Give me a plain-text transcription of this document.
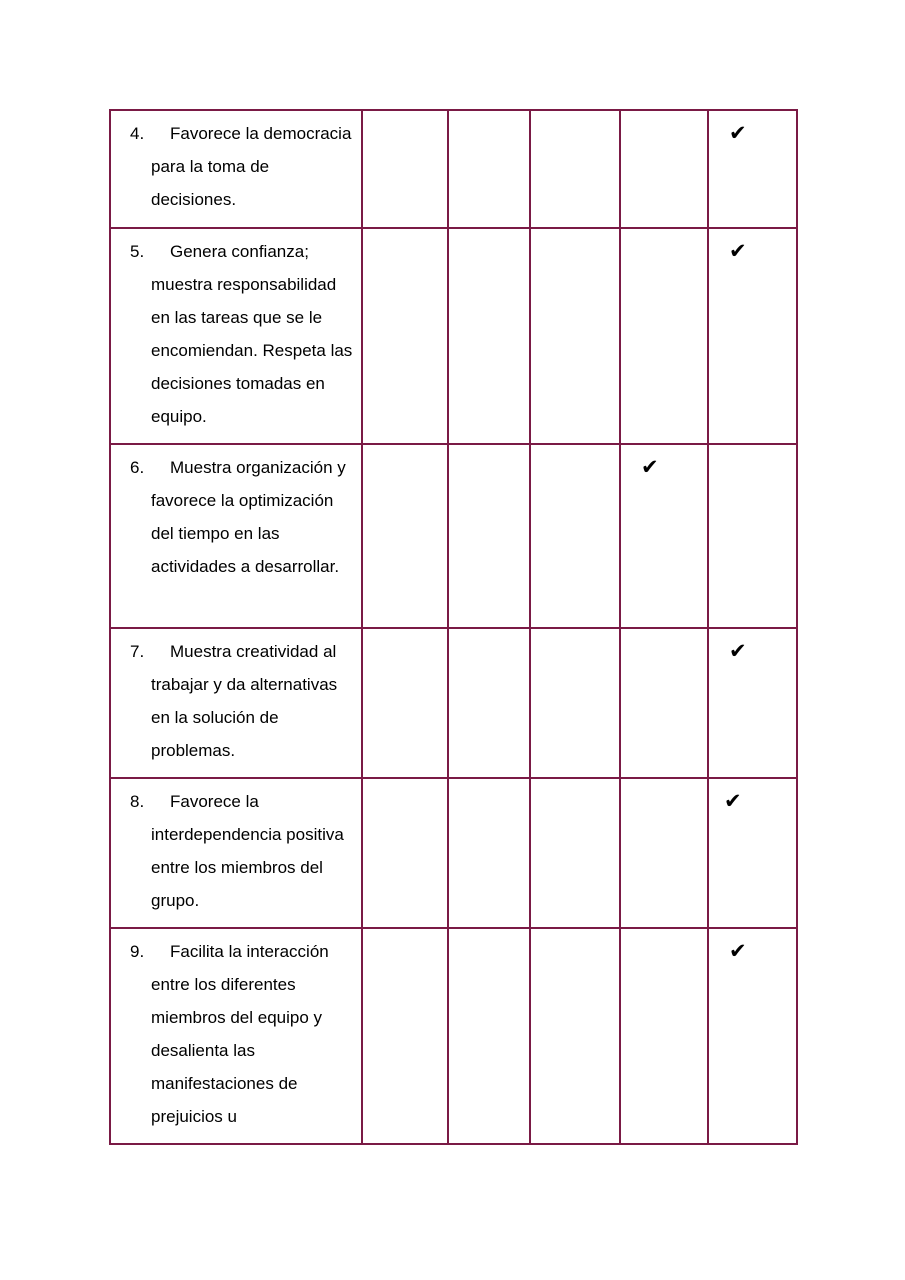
4. Favorece la democracia para la toma de decisiones.					✔

5. Genera confianza; muestra responsabilidad en las tareas que se le encomiendan. Respeta las decisiones tomadas en equipo.					✔

6. Muestra organización y favorece la optimización del tiempo en las actividades a desarrollar.				✔	

7. Muestra creatividad al trabajar y da alternativas en la solución de problemas.					✔

8. Favorece la interdependencia positiva entre los miembros del grupo.					✔

9. Facilita la interacción entre los diferentes miembros del equipo y desalienta las manifestaciones de prejuicios u					✔
